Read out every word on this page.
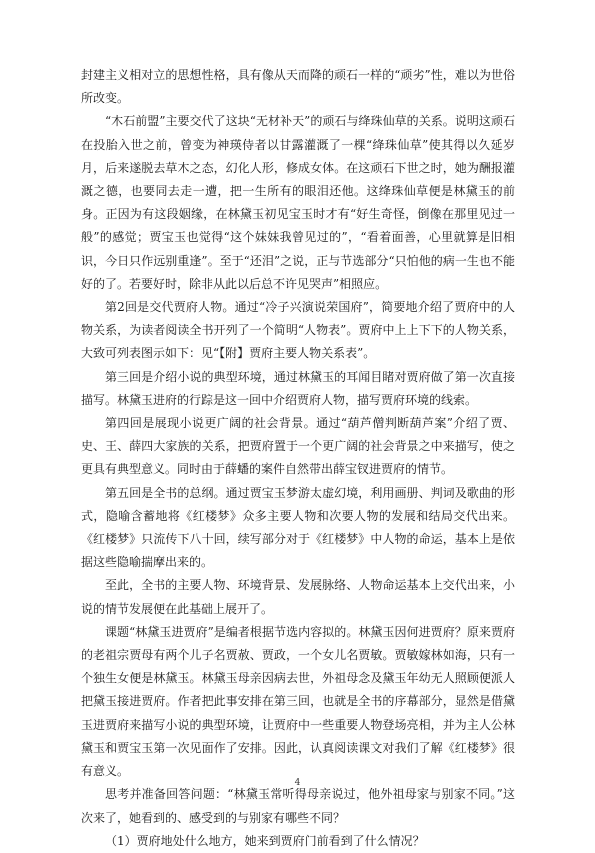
封建主义相对立的思想性格，具有像从天而降的顽石一样的“顽劣”性，难以为世俗所改变。

“木石前盟”主要交代了这块“无材补天”的顽石与绛珠仙草的关系。说明这顽石在投胎入世之前，曾变为神瑛侍者以甘露灌溉了一棵“绛珠仙草”使其得以久延岁月，后来遂脱去草木之态，幻化人形，修成女体。在这顽石下世之时，她为酬报灌溉之德，也要同去走一遭，把一生所有的眼泪还他。这绛珠仙草便是林黛玉的前身。正因为有这段姻缘，在林黛玉初见宝玉时才有“好生奇怪，倒像在那里见过一般”的感觉；贾宝玉也觉得“这个妹妹我曾见过的”，“看着面善，心里就算是旧相识，今日只作远别重逢”。至于“还泪”之说，正与节选部分“只怕他的病一生也不能好的了。若要好时，除非从此以后总不许见哭声”相照应。

第2回是交代贾府人物。通过“冷子兴演说荣国府”，简要地介绍了贾府中的人物关系，为读者阅读全书开列了一个简明“人物表”。贾府中上上下下的人物关系，大致可列表图示如下：见“【附】贾府主要人物关系表”。

第三回是介绍小说的典型环境，通过林黛玉的耳闻目睹对贾府做了第一次直接描写。林黛玉进府的行踪是这一回中介绍贾府人物，描写贾府环境的线索。

第四回是展现小说更广阔的社会背景。通过“葫芦僧判断葫芦案”介绍了贾、史、王、薛四大家族的关系，把贾府置于一个更广阔的社会背景之中来描写，使之更具有典型意义。同时由于薛蟠的案件自然带出薛宝钗进贾府的情节。

第五回是全书的总纲。通过贾宝玉梦游太虚幻境，利用画册、判词及歌曲的形式，隐喻含蓄地将《红楼梦》众多主要人物和次要人物的发展和结局交代出来。《红楼梦》只流传下八十回，续写部分对于《红楼梦》中人物的命运，基本上是依据这些隐喻揣摩出来的。

至此，全书的主要人物、环境背景、发展脉络、人物命运基本上交代出来，小说的情节发展便在此基础上展开了。

课题“林黛玉进贾府”是编者根据节选内容拟的。林黛玉因何进贾府？原来贾府的老祖宗贾母有两个儿子名贾赦、贾政，一个女儿名贾敏。贾敏嫁林如海，只有一个独生女便是林黛玉。林黛玉母亲因病去世，外祖母念及黛玉年幼无人照顾便派人把黛玉接进贾府。作者把此事安排在第三回，也就是全书的序幕部分，显然是借黛玉进贾府来描写小说的典型环境，让贾府中一些重要人物登场亮相，并为主人公林黛玉和贾宝玉第一次见面作了安排。因此，认真阅读课文对我们了解《红楼梦》很有意义。

思考并准备回答问题：“林黛玉常听得母亲说过，他外祖母家与别家不同。”这次来了，她看到的、感受到的与别家有哪些不同？

（1）贾府地处什么地方，她来到贾府门前看到了什么情况？

4
